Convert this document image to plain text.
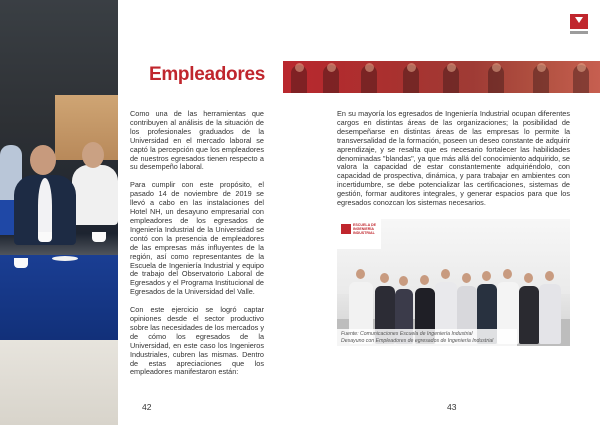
Empleadores

Como una de las herramientas que contribuyen al análisis de la situación de los profesionales graduados de la Universidad en el mercado laboral se captó la percepción que los empleadores de nuestros egresados tienen respecto a su desempeño laboral.

Para cumplir con este propósito, el pasado 14 de noviembre de 2019 se llevó a cabo en las instalaciones del Hotel NH, un desayuno empresarial con empleadores de los egresados de Ingeniería Industrial de la Universidad se contó con la presencia de empleadores de las empresas más influyentes de la región, así como representantes de la Escuela de Ingeniería Industrial y equipo de trabajo del Observatorio Laboral de Egresados y el Programa Institucional de Egresados de la Universidad del Valle.

Con este ejercicio se logró captar opiniones desde el sector productivo sobre las necesidades de los mercados y de cómo los egresados de la Universidad, en este caso los Ingenieros Industriales, cubren las mismas. Dentro de estas apreciaciones que los empleadores manifestaron están:

En su mayoría los egresados de Ingeniería Industrial ocupan diferentes cargos en distintas áreas de las organizaciones; la posibilidad de desempeñarse en distintas áreas de las empresas lo permite la transversalidad de la formación, poseen un deseo constante de adquirir aprendizaje, y se resalta que es necesario fortalecer las habilidades denominadas "blandas", ya que más allá del conocimiento adquirido, se valora la capacidad de estar constantemente adquiriéndolo, con capacidad de prospectiva, dinámica, y para trabajar en ambientes con incertidumbre, se debe potencializar las certificaciones, sistemas de gestión, formar auditores integrales, y generar espacios para que los egresados conozcan los sistemas necesarios.

ESCUELA DE
INGENIERÍA
INDUSTRIAL
Fuente: Comunicaciones Escuela de Ingeniería Industrial
Desayuno con Empleadores de egresados de Ingeniería Industrial
42	43
